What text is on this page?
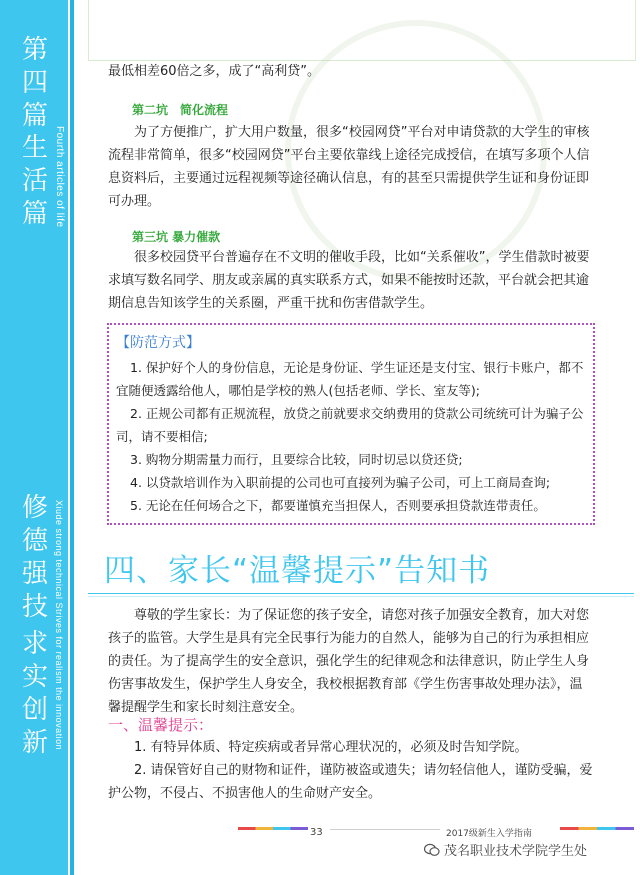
第
四
篇
生
活
篇 Fourth articles of life
修
德
强
技
求
实
创
新 Xiude strong technical Strives for realism the innovation
最低相差60倍之多，成了“高利贷”。
第二坑　简化流程
为了方便推广，扩大用户数量，很多“校园网贷”平台对申请贷款的大学生的审核流程非常简单，很多“校园网贷”平台主要依靠线上途径完成授信，在填写多项个人信息资料后，主要通过远程视频等途径确认信息，有的甚至只需提供学生证和身份证即可办理。
第三坑 暴力催款
很多校园贷平台普遍存在不文明的催收手段，比如“关系催收”，学生借款时被要求填写数名同学、朋友或亲属的真实联系方式，如果不能按时还款，平台就会把其逾期信息告知该学生的关系圈，严重干扰和伤害借款学生。
【防范方式】
1. 保护好个人的身份信息，无论是身份证、学生证还是支付宝、银行卡账户，都不宜随便透露给他人，哪怕是学校的熟人(包括老师、学长、室友等);
2. 正规公司都有正规流程，放贷之前就要求交纳费用的贷款公司统统可计为骗子公司，请不要相信;
3. 购物分期需量力而行，且要综合比较，同时切忌以贷还贷;
4. 以贷款培训作为入职前提的公司也可直接列为骗子公司，可上工商局查询;
5. 无论在任何场合之下，都要谨慎充当担保人，否则要承担贷款连带责任。
四、家长“温馨提示”告知书
尊敬的学生家长：为了保证您的孩子安全，请您对孩子加强安全教育，加大对您孩子的监管。大学生是具有完全民事行为能力的自然人，能够为自己的行为承担相应的责任。为了提高学生的安全意识，强化学生的纪律观念和法律意识，防止学生人身伤害事故发生，保护学生人身安全，我校根据教育部《学生伤害事故处理办法》，温馨提醒学生和家长时刻注意安全。
一、温馨提示：
1. 有特异体质、特定疾病或者异常心理状况的，必须及时告知学院。
2. 请保管好自己的财物和证件，谨防被盗或遗失；请勿轻信他人，谨防受骗，爱护公物，不侵占、不损害他人的生命财产安全。
33	2017级新生入学指南
茂名职业技术学院学生处
